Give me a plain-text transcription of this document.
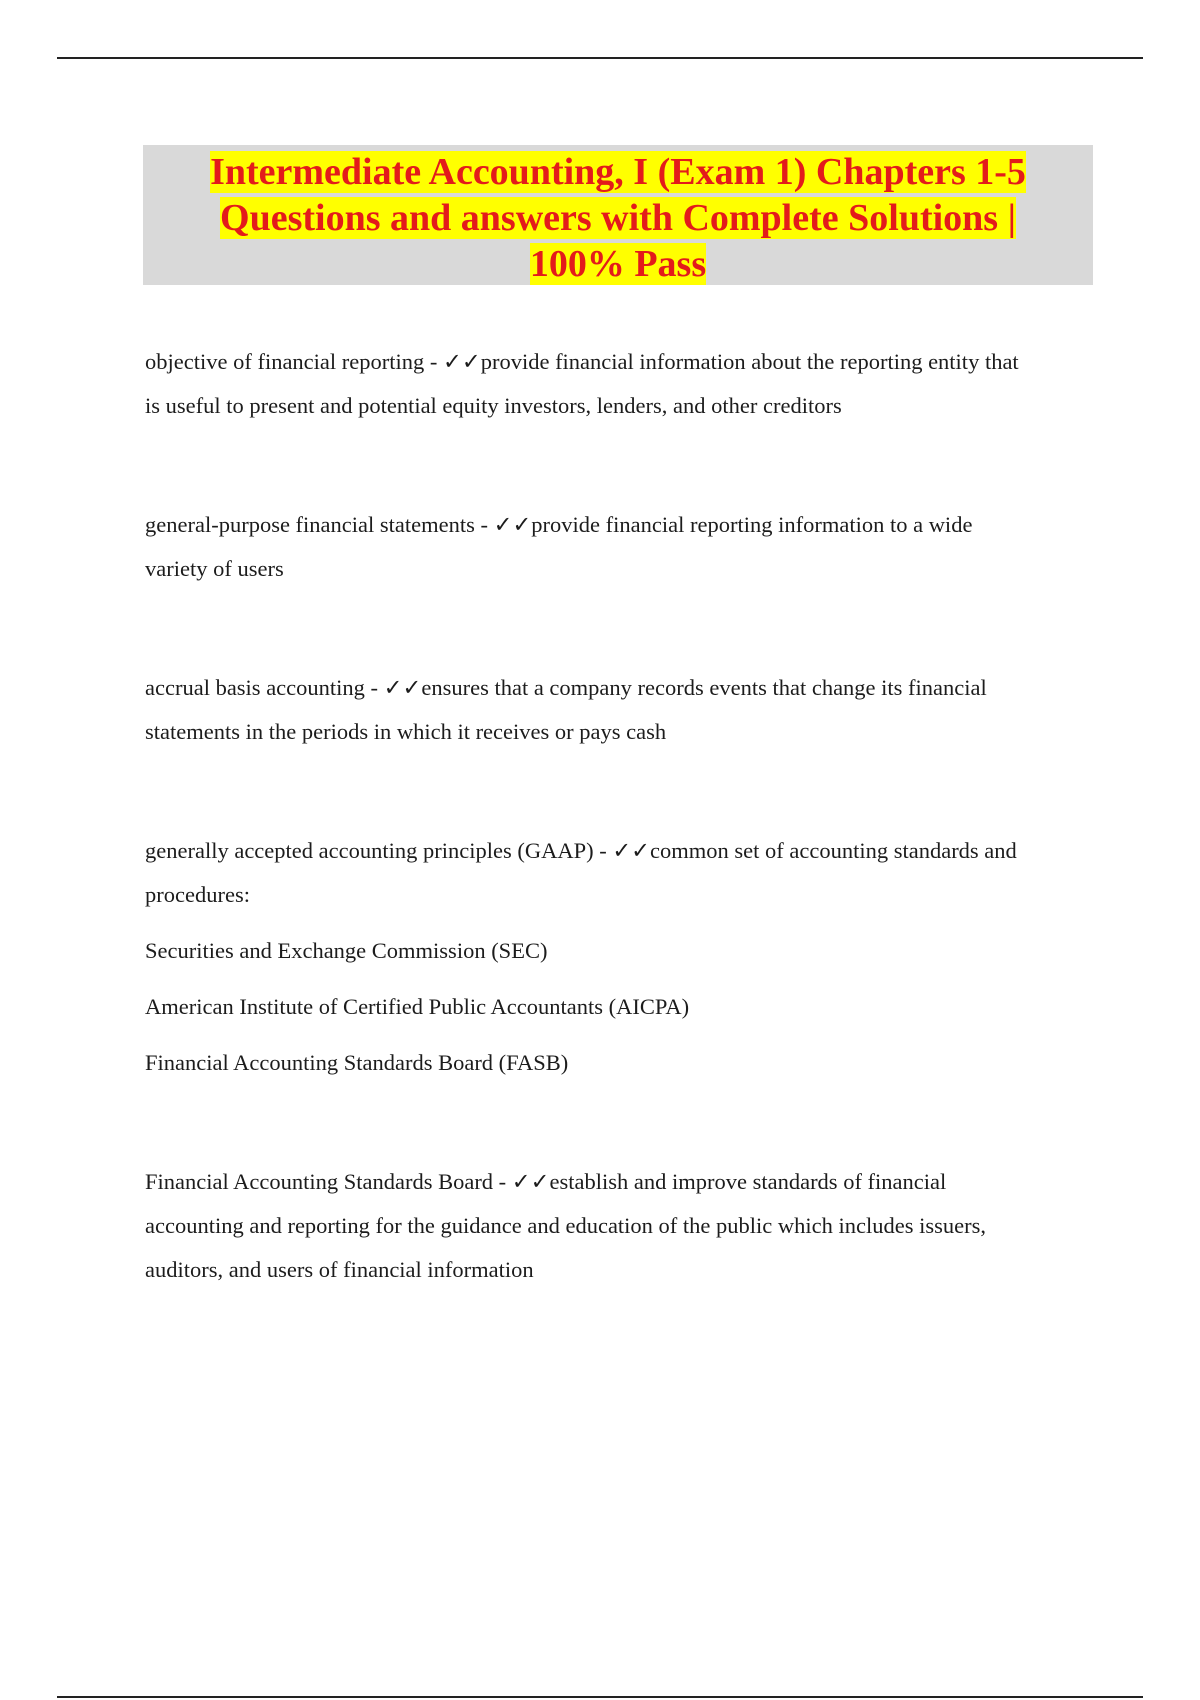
Intermediate Accounting, I (Exam 1) Chapters 1-5
Questions and answers with Complete Solutions |
100% Pass

objective of financial reporting - ✓✓provide financial information about the reporting entity that
is useful to present and potential equity investors, lenders, and other creditors

general-purpose financial statements - ✓✓provide financial reporting information to a wide
variety of users

accrual basis accounting - ✓✓ensures that a company records events that change its financial
statements in the periods in which it receives or pays cash

generally accepted accounting principles (GAAP) - ✓✓common set of accounting standards and
procedures:
Securities and Exchange Commission (SEC)
American Institute of Certified Public Accountants (AICPA)
Financial Accounting Standards Board (FASB)

Financial Accounting Standards Board - ✓✓establish and improve standards of financial
accounting and reporting for the guidance and education of the public which includes issuers,
auditors, and users of financial information
